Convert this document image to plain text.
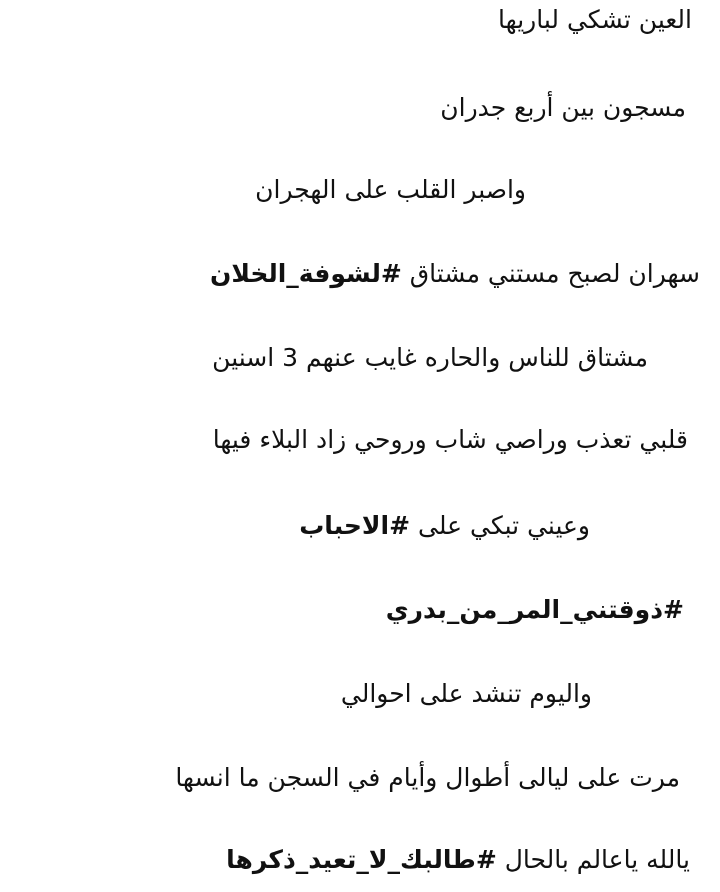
العين تشكي لباريها
مسجون بين أربع جدران
واصبر القلب على الهجران
سهران لصبح مستني مشتاق #لشوفة_الخلان
مشتاق للناس والحاره غايب عنهم 3 اسنين
قلبي تعذب وراصي شاب وروحي زاد البلاء فيها
وعيني تبكي على #الاحباب
#ذوقتني_المر_من_بدري
واليوم تنشد على احوالي
مرت على ليالى أطوال وأيام في السجن ما انسها
يالله ياعالم بالحال #طالبك_لا_تعيد_ذكرها
